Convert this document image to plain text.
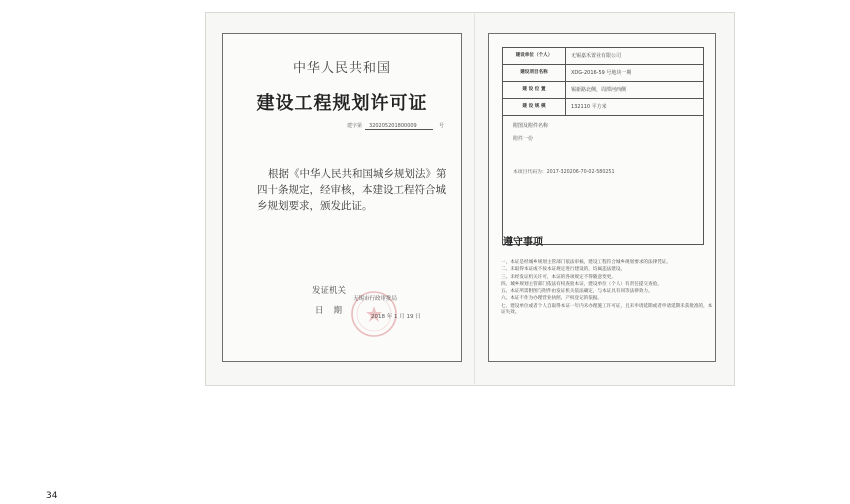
中华人民共和国
建设工程规划许可证
建字第 320205201800009	号
根据《中华人民共和国城乡规划法》第四十条规定，经审核，本建设工程符合城乡规划要求，颁发此证。
发证机关
日期
无锡市行政审批局
2018 年 1 月 19 日
建设单位（个人）	无锡嘉禾置业有限公司
建设项目名称	XDG-2016-59 号地块一期
建 设 位 置	锡新路北侧，周潭河西侧
建 设 规 模	132110 平方米
附图及附件名称
附件一份
本项目代码为：2017-320206-70-02-580251
遵守事项
一、本证是经城乡规划主管部门依法审核，建设工程符合城乡规划要求的法律凭证。
二、未取得本证或不按本证规定进行建设的，均属违法建设。
三、未经发证机关许可，本证的各项规定不得随意变更。
四、城乡规划主管部门依法有权查验本证，建设单位（个人）有责任提交查验。
五、本证所需附图与附件由发证机关依法确定，与本证具有同等法律效力。
六、本证不作为办理营业执照、产权登记的依据。
七、建设单位或者个人自取得本证一年内未办理施工许可证，且未申请延期或者申请延期未获批准的，本证失效。
34
